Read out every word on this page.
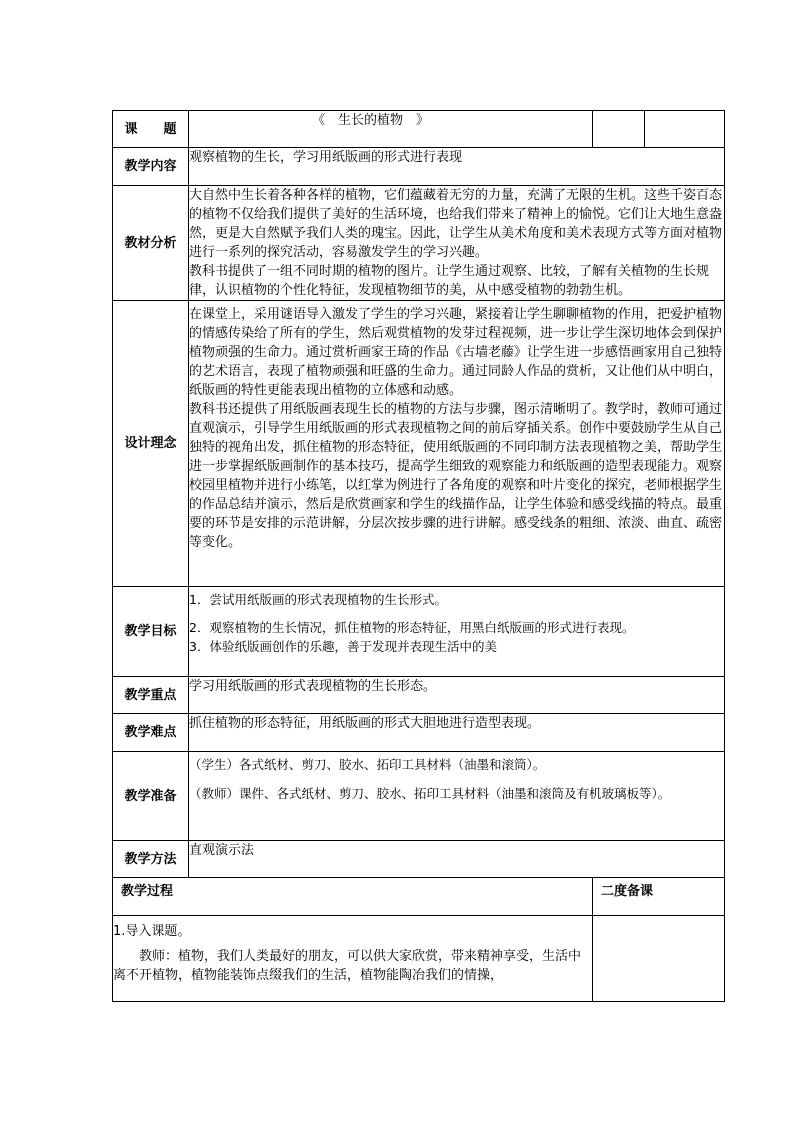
课　　题	《　生长的植物　》		
教学内容	观察植物的生长，学习用纸版画的形式进行表现		
教材分析	大自然中生长着各种各样的植物，它们蕴藏着无穷的力量，充满了无限的生机。这些千姿百态的植物不仅给我们提供了美好的生活环境，也给我们带来了精神上的愉悦。它们让大地生意盎然，更是大自然赋予我们人类的瑰宝。因此，让学生从美术角度和美术表现方式等方面对植物进行一系列的探究活动，容易激发学生的学习兴趣。

教科书提供了一组不同时期的植物的图片。让学生通过观察、比较，了解有关植物的生长规律，认识植物的个性化特征，发现植物细节的美，从中感受植物的勃勃生机。		

设计理念	在课堂上，采用谜语导入激发了学生的学习兴趣，紧接着让学生聊聊植物的作用，把爱护植物的情感传染给了所有的学生，然后观赏植物的发芽过程视频，进一步让学生深切地体会到保护植物顽强的生命力。通过赏析画家王琦的作品《古墙老藤》让学生进一步感悟画家用自己独特的艺术语言，表现了植物顽强和旺盛的生命力。通过同龄人作品的赏析，又让他们从中明白，纸版画的特性更能表现出植物的立体感和动感。

教科书还提供了用纸版画表现生长的植物的方法与步骤，图示清晰明了。教学时，教师可通过直观演示，引导学生用纸版画的形式表现植物之间的前后穿插关系。创作中要鼓励学生从自己独特的视角出发，抓住植物的形态特征，使用纸版画的不同印制方法表现植物之美，帮助学生进一步掌握纸版画制作的基本技巧，提高学生细致的观察能力和纸版画的造型表现能力。观察校园里植物并进行小练笔，以红掌为例进行了各角度的观察和叶片变化的探究，老师根据学生的作品总结并演示，然后是欣赏画家和学生的线描作品，让学生体验和感受线描的特点。最重要的环节是安排的示范讲解，分层次按步骤的进行讲解。感受线条的粗细、浓淡、曲直、疏密等变化。		

教学目标	1．尝试用纸版画的形式表现植物的生长形式。

2．观察植物的生长情况，抓住植物的形态特征，用黑白纸版画的形式进行表现。

3．体验纸版画创作的乐趣，善于发现并表现生活中的美		

教学重点	学习用纸版画的形式表现植物的生长形态。		
教学难点	抓住植物的形态特征，用纸版画的形式大胆地进行造型表现。		
教学准备	（学生）各式纸材、剪刀、胶水、拓印工具材料（油墨和滚筒）。

（教师）课件、各式纸材、剪刀、胶水、拓印工具材料（油墨和滚筒及有机玻璃板等）。		

教学方法	直观演示法		
教学过程		二度备课	

1.导入课题。

教师：植物，我们人类最好的朋友，可以供大家欣赏，带来精神享受，生活中离不开植物，植物能装饰点缀我们的生活，植物能陶冶我们的情操，			
